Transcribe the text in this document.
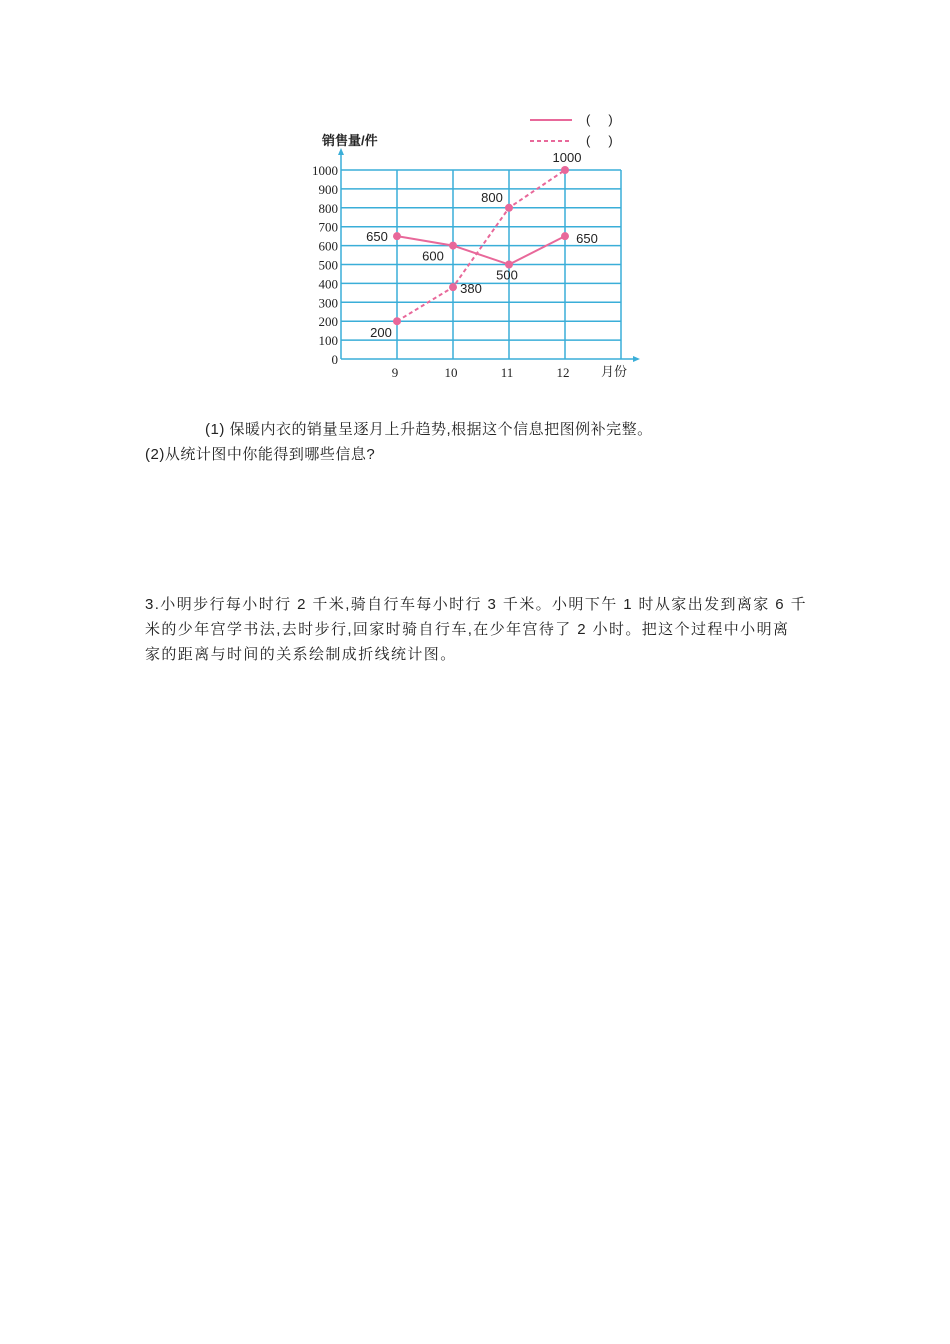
0
100
200
300
400
500
600
700
800
900
1000
9	10	11	12
650
600
500
650
200
380
800
1000
销售量/件
月份
(     )
(     )
(1) 保暖内衣的销量呈逐月上升趋势,根据这个信息把图例补完整。
(2)从统计图中你能得到哪些信息?
3.小明步行每小时行 2 千米,骑自行车每小时行 3 千米。小明下午 1 时从家出发到离家 6 千
米的少年宫学书法,去时步行,回家时骑自行车,在少年宫待了 2 小时。把这个过程中小明离
家的距离与时间的关系绘制成折线统计图。
